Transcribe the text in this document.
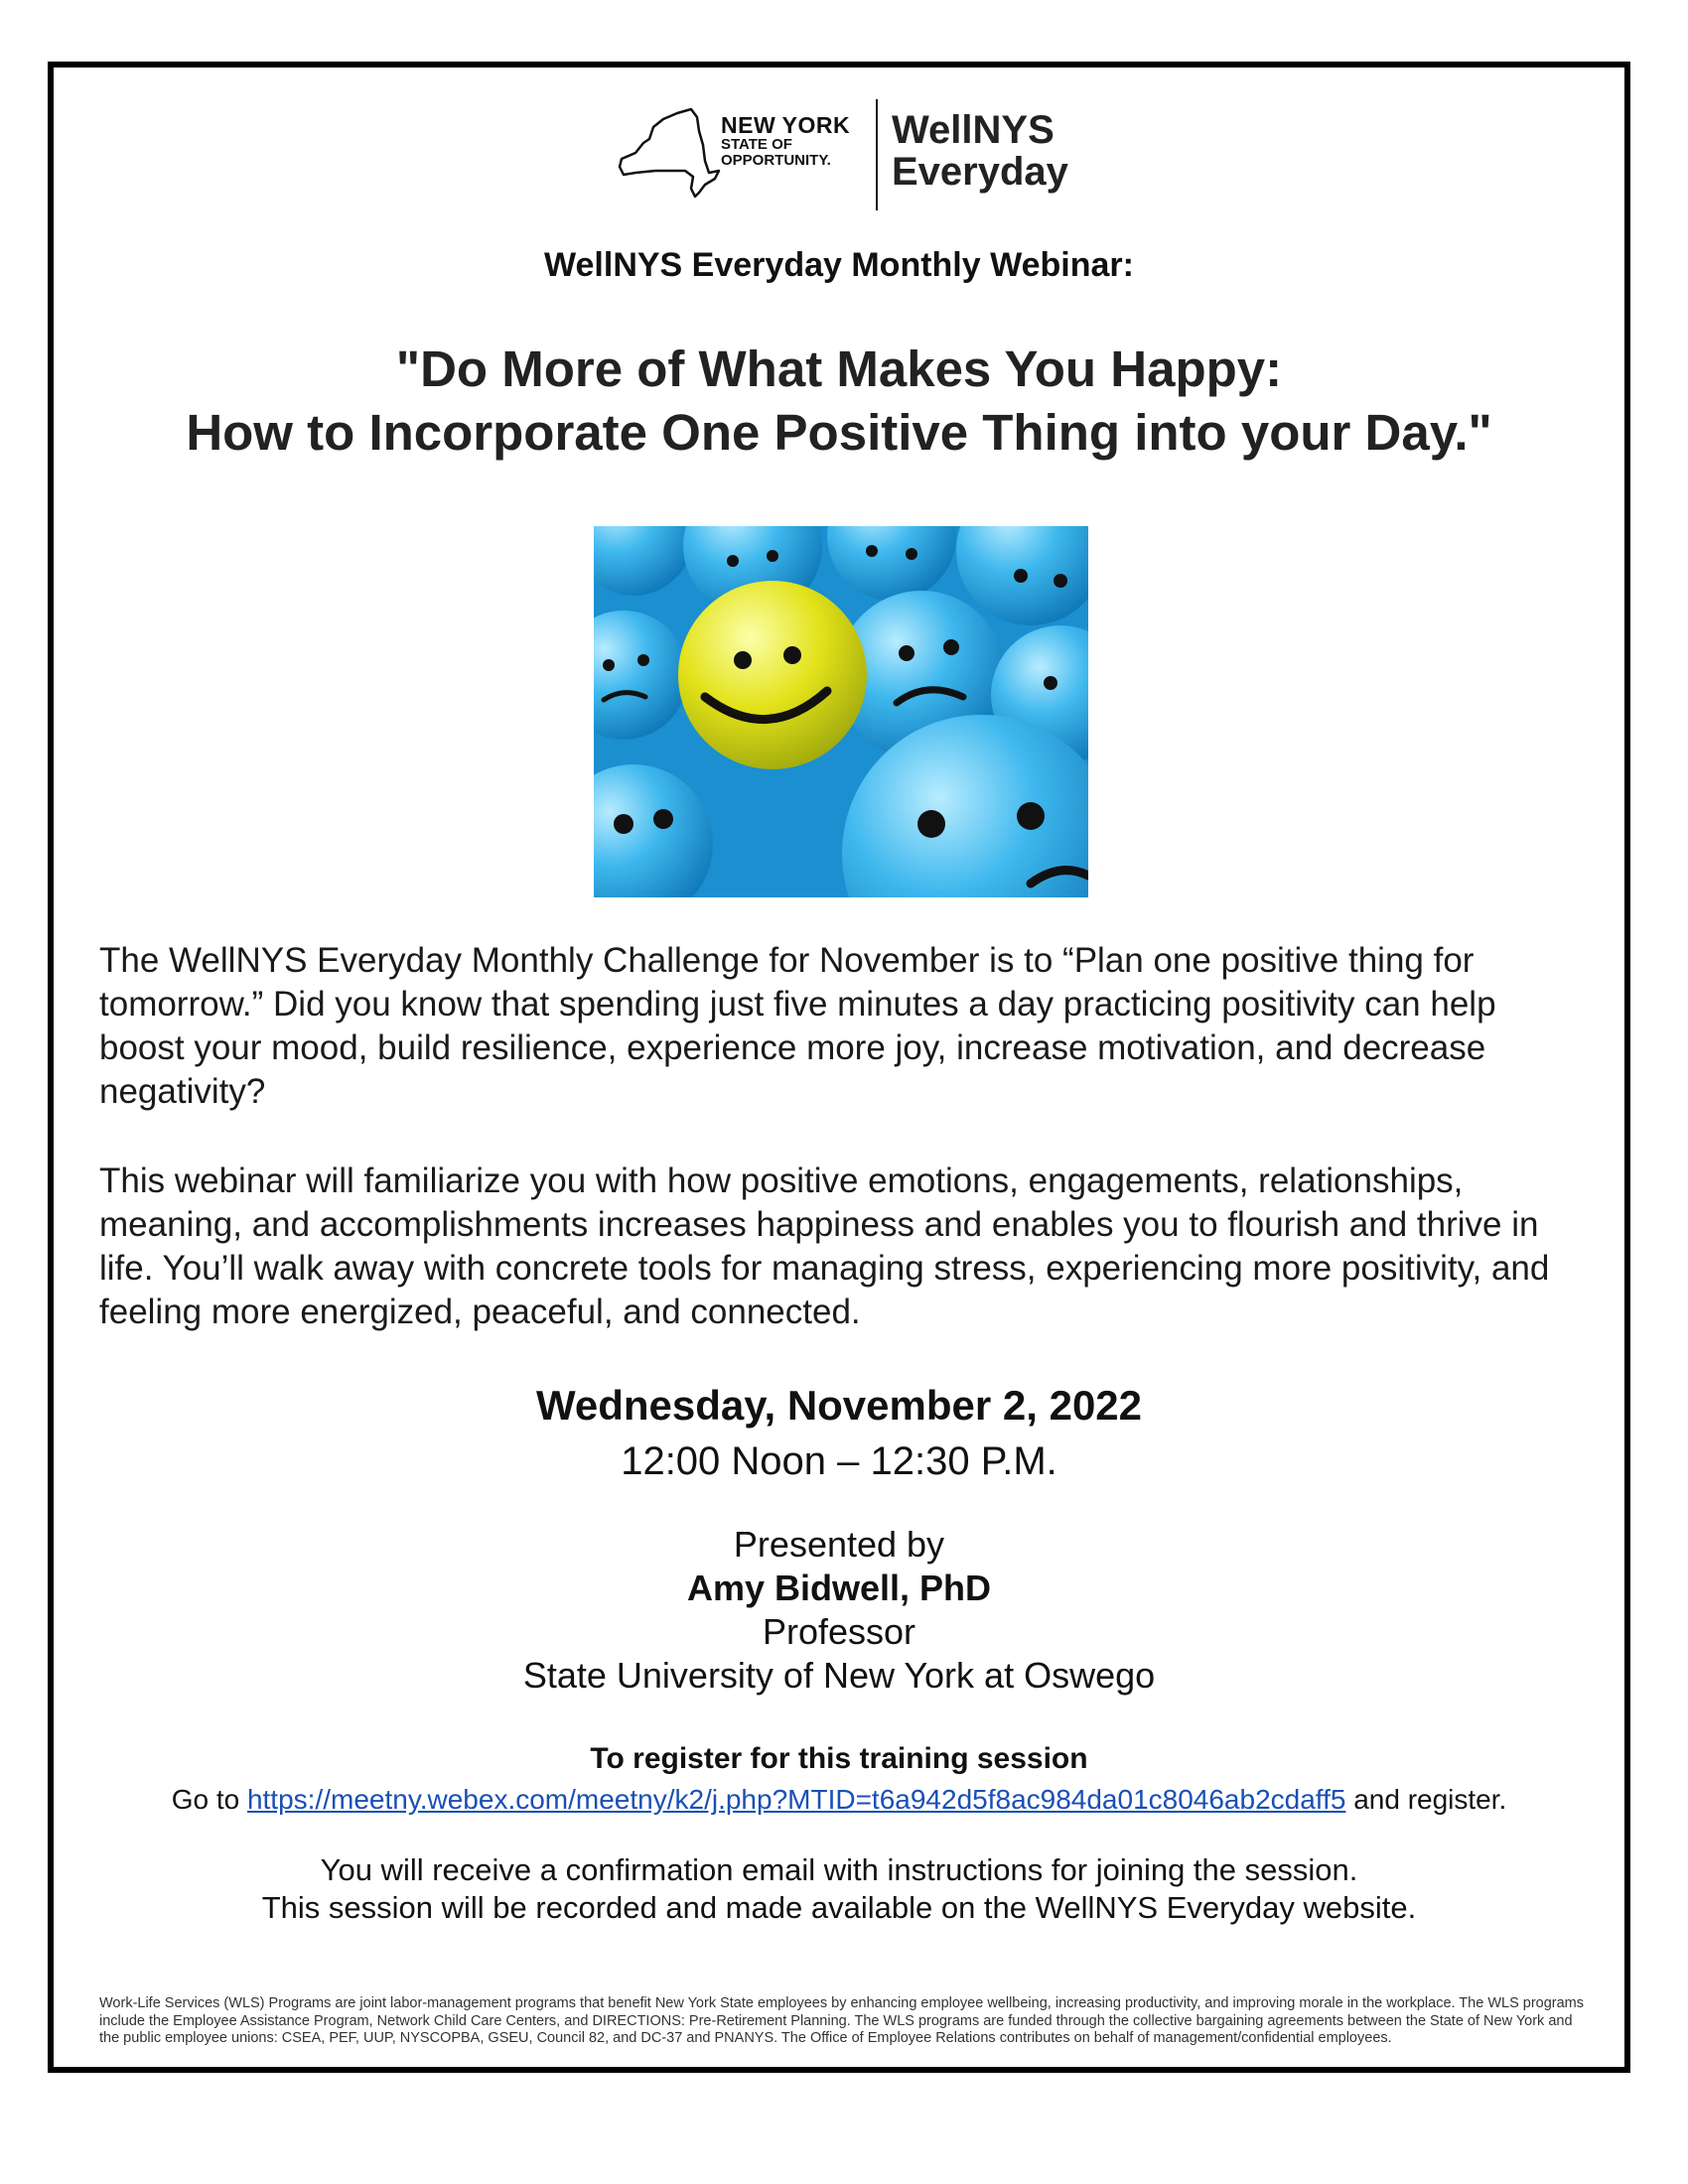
NEW YORK
STATE OF
OPPORTUNITY.
WellNYS
Everyday
WellNYS Everyday Monthly Webinar:
"Do More of What Makes You Happy:
How to Incorporate One Positive Thing into your Day."
The WellNYS Everyday Monthly Challenge for November is to “Plan one positive thing for tomorrow.” Did you know that spending just five minutes a day practicing positivity can help boost your mood, build resilience, experience more joy, increase motivation, and decrease negativity?
This webinar will familiarize you with how positive emotions, engagements, relationships, meaning, and accomplishments increases happiness and enables you to flourish and thrive in life. You’ll walk away with concrete tools for managing stress, experiencing more positivity, and feeling more energized, peaceful, and connected.
Wednesday, November 2, 2022
12:00 Noon – 12:30 P.M.
Presented by
Amy Bidwell, PhD
Professor
State University of New York at Oswego
To register for this training session
Go to https://meetny.webex.com/meetny/k2/j.php?MTID=t6a942d5f8ac984da01c8046ab2cdaff5 and register.
You will receive a confirmation email with instructions for joining the session.
This session will be recorded and made available on the WellNYS Everyday website.
Work-Life Services (WLS) Programs are joint labor-management programs that benefit New York State employees by enhancing employee wellbeing, increasing productivity, and improving morale in the workplace. The WLS programs include the Employee Assistance Program, Network Child Care Centers, and DIRECTIONS: Pre-Retirement Planning. The WLS programs are funded through the collective bargaining agreements between the State of New York and the public employee unions: CSEA, PEF, UUP, NYSCOPBA, GSEU, Council 82, and DC-37 and PNANYS. The Office of Employee Relations contributes on behalf of management/confidential employees.
